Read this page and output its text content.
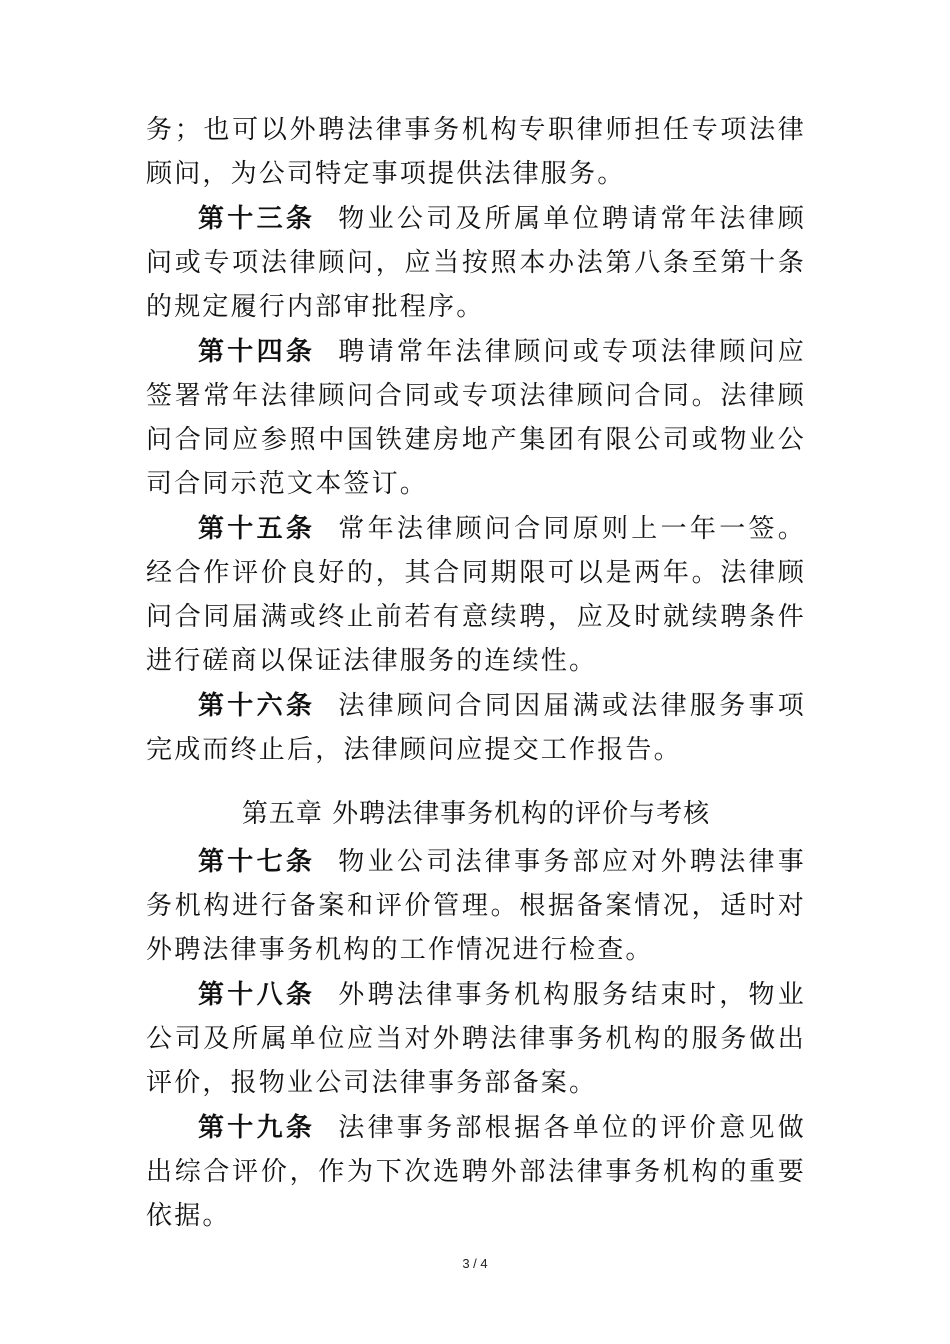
务；也可以外聘法律事务机构专职律师担任专项法律顾问，为公司特定事项提供法律服务。

第十三条 物业公司及所属单位聘请常年法律顾问或专项法律顾问，应当按照本办法第八条至第十条的规定履行内部审批程序。

第十四条 聘请常年法律顾问或专项法律顾问应签署常年法律顾问合同或专项法律顾问合同。法律顾问合同应参照中国铁建房地产集团有限公司或物业公司合同示范文本签订。

第十五条 常年法律顾问合同原则上一年一签。经合作评价良好的，其合同期限可以是两年。法律顾问合同届满或终止前若有意续聘，应及时就续聘条件进行磋商以保证法律服务的连续性。

第十六条 法律顾问合同因届满或法律服务事项完成而终止后，法律顾问应提交工作报告。

第五章 外聘法律事务机构的评价与考核

第十七条 物业公司法律事务部应对外聘法律事务机构进行备案和评价管理。根据备案情况，适时对外聘法律事务机构的工作情况进行检查。

第十八条 外聘法律事务机构服务结束时，物业公司及所属单位应当对外聘法律事务机构的服务做出评价，报物业公司法律事务部备案。

第十九条 法律事务部根据各单位的评价意见做出综合评价，作为下次选聘外部法律事务机构的重要依据。

3 / 4
